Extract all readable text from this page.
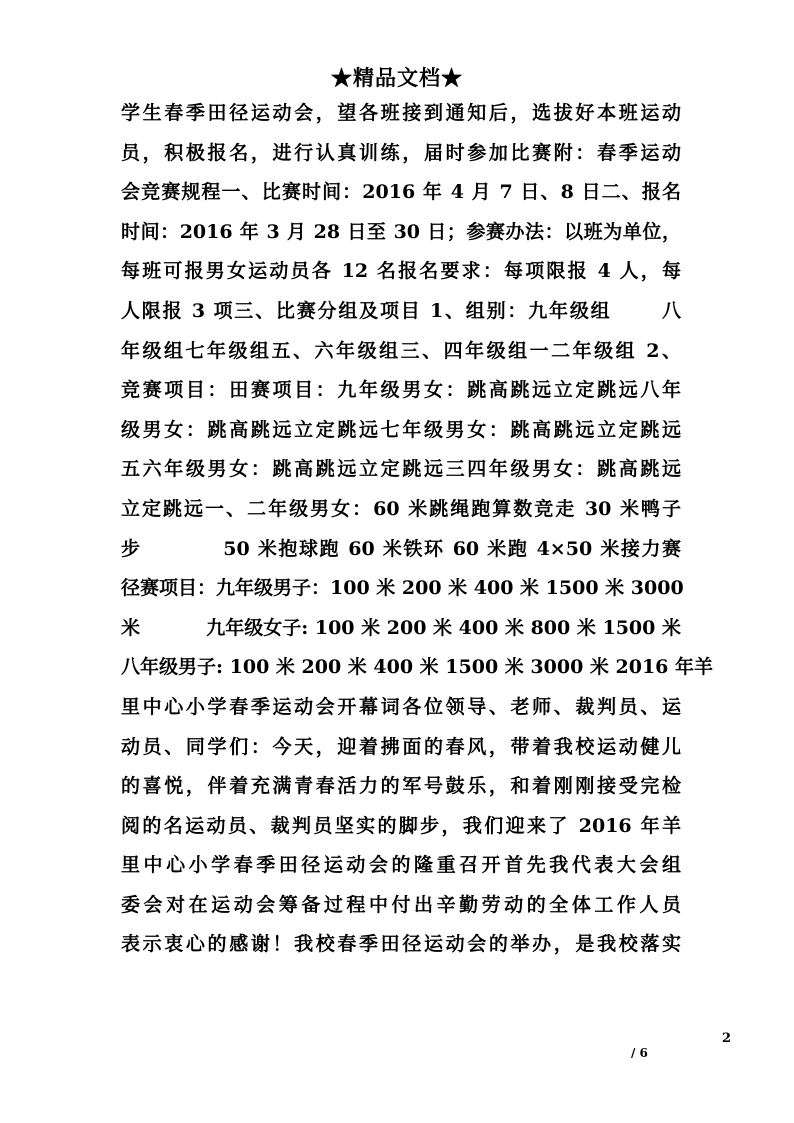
★精品文档★
学生春季田径运动会，望各班接到通知后，选拔好本班运动
员，积极报名，进行认真训练，届时参加比赛附：春季运动
会竞赛规程一、比赛时间：2016 年 4 月 7 日、8 日二、报名
时间：2016 年 3 月 28 日至 30 日；参赛办法：以班为单位，
每班可报男女运动员各 12 名报名要求：每项限报 4 人，每
人限报 3 项三、比赛分组及项目 1、组别：九年级组      八
年级组七年级组五、六年级组三、四年级组一二年级组 2、
竞赛项目：田赛项目：九年级男女：跳高跳远立定跳远八年
级男女：跳高跳远立定跳远七年级男女：跳高跳远立定跳远
五六年级男女：跳高跳远立定跳远三四年级男女：跳高跳远
立定跳远一、二年级男女：60 米跳绳跑算数竞走 30 米鸭子
步          50 米抱球跑 60 米铁环 60 米跑 4×50 米接力赛
径赛项目：九年级男子：100 米 200 米 400 米 1500 米 3000
米          九年级女子: 100 米 200 米 400 米 800 米 1500 米
八年级男子: 100 米 200 米 400 米 1500 米 3000 米 2016 年羊
里中心小学春季运动会开幕词各位领导、老师、裁判员、运
动员、同学们：今天，迎着拂面的春风，带着我校运动健儿
的喜悦，伴着充满青春活力的军号鼓乐，和着刚刚接受完检
阅的名运动员、裁判员坚实的脚步，我们迎来了 2016 年羊
里中心小学春季田径运动会的隆重召开首先我代表大会组
委会对在运动会筹备过程中付出辛勤劳动的全体工作人员
表示衷心的感谢！我校春季田径运动会的举办，是我校落实
2
/ 6
